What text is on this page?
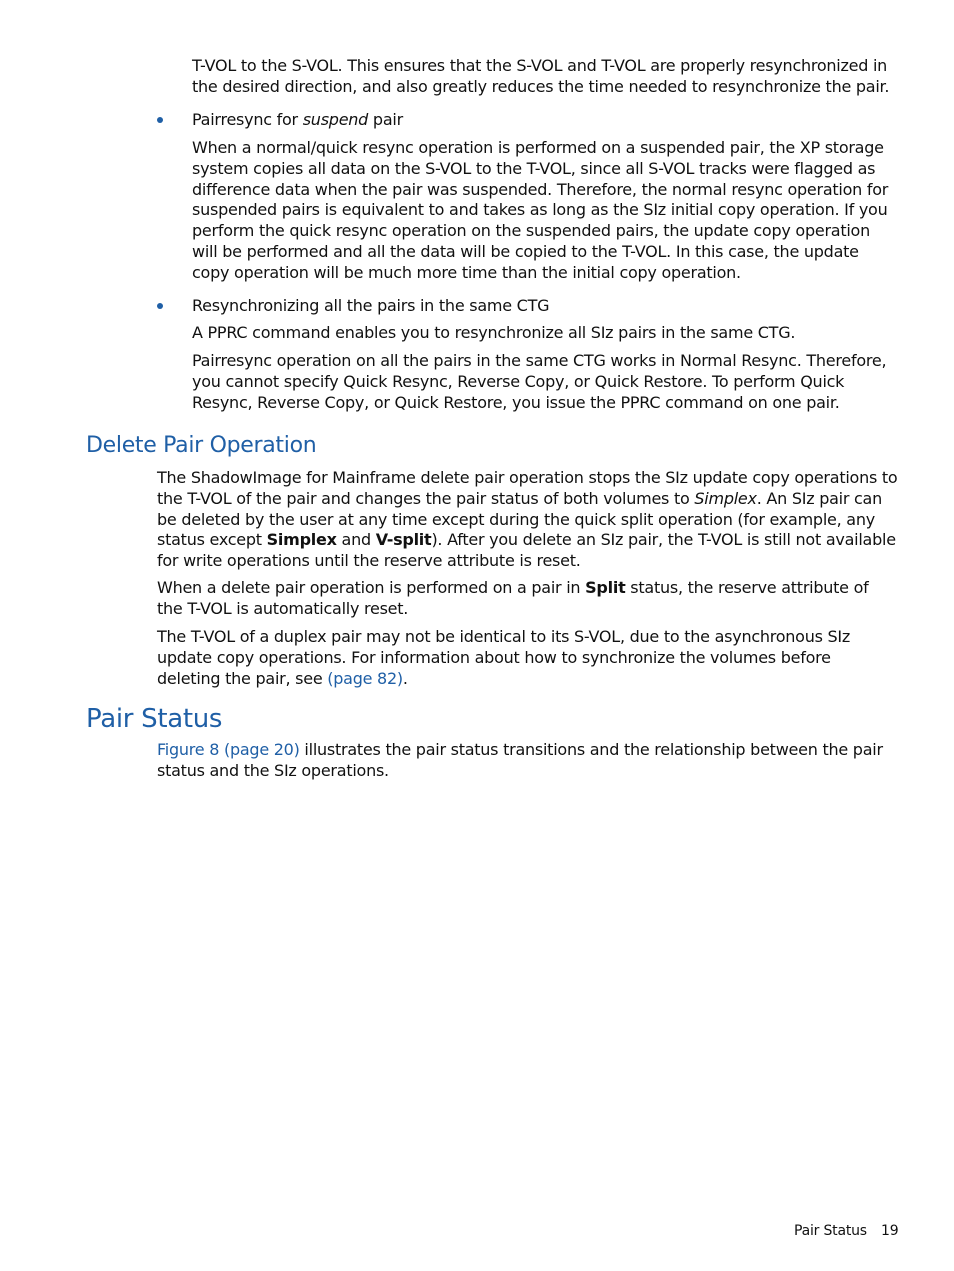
T-VOL to the S-VOL. This ensures that the S-VOL and T-VOL are properly resynchronized in the desired direction, and also greatly reduces the time needed to resynchronize the pair.

Pairresync for suspend pair

When a normal/quick resync operation is performed on a suspended pair, the XP storage system copies all data on the S-VOL to the T-VOL, since all S-VOL tracks were flagged as difference data when the pair was suspended. Therefore, the normal resync operation for suspended pairs is equivalent to and takes as long as the SIz initial copy operation. If you perform the quick resync operation on the suspended pairs, the update copy operation will be performed and all the data will be copied to the T-VOL. In this case, the update copy operation will be much more time than the initial copy operation.

Resynchronizing all the pairs in the same CTG

A PPRC command enables you to resynchronize all SIz pairs in the same CTG.

Pairresync operation on all the pairs in the same CTG works in Normal Resync. Therefore, you cannot specify Quick Resync, Reverse Copy, or Quick Restore. To perform Quick Resync, Reverse Copy, or Quick Restore, you issue the PPRC command on one pair.

Delete Pair Operation

The ShadowImage for Mainframe delete pair operation stops the SIz update copy operations to the T-VOL of the pair and changes the pair status of both volumes to Simplex. An SIz pair can be deleted by the user at any time except during the quick split operation (for example, any status except Simplex and V-split). After you delete an SIz pair, the T-VOL is still not available for write operations until the reserve attribute is reset.

When a delete pair operation is performed on a pair in Split status, the reserve attribute of the T-VOL is automatically reset.

The T-VOL of a duplex pair may not be identical to its S-VOL, due to the asynchronous SIz update copy operations. For information about how to synchronize the volumes before deleting the pair, see (page 82).

Pair Status

Figure 8 (page 20) illustrates the pair status transitions and the relationship between the pair status and the SIz operations.

Pair Status 19
